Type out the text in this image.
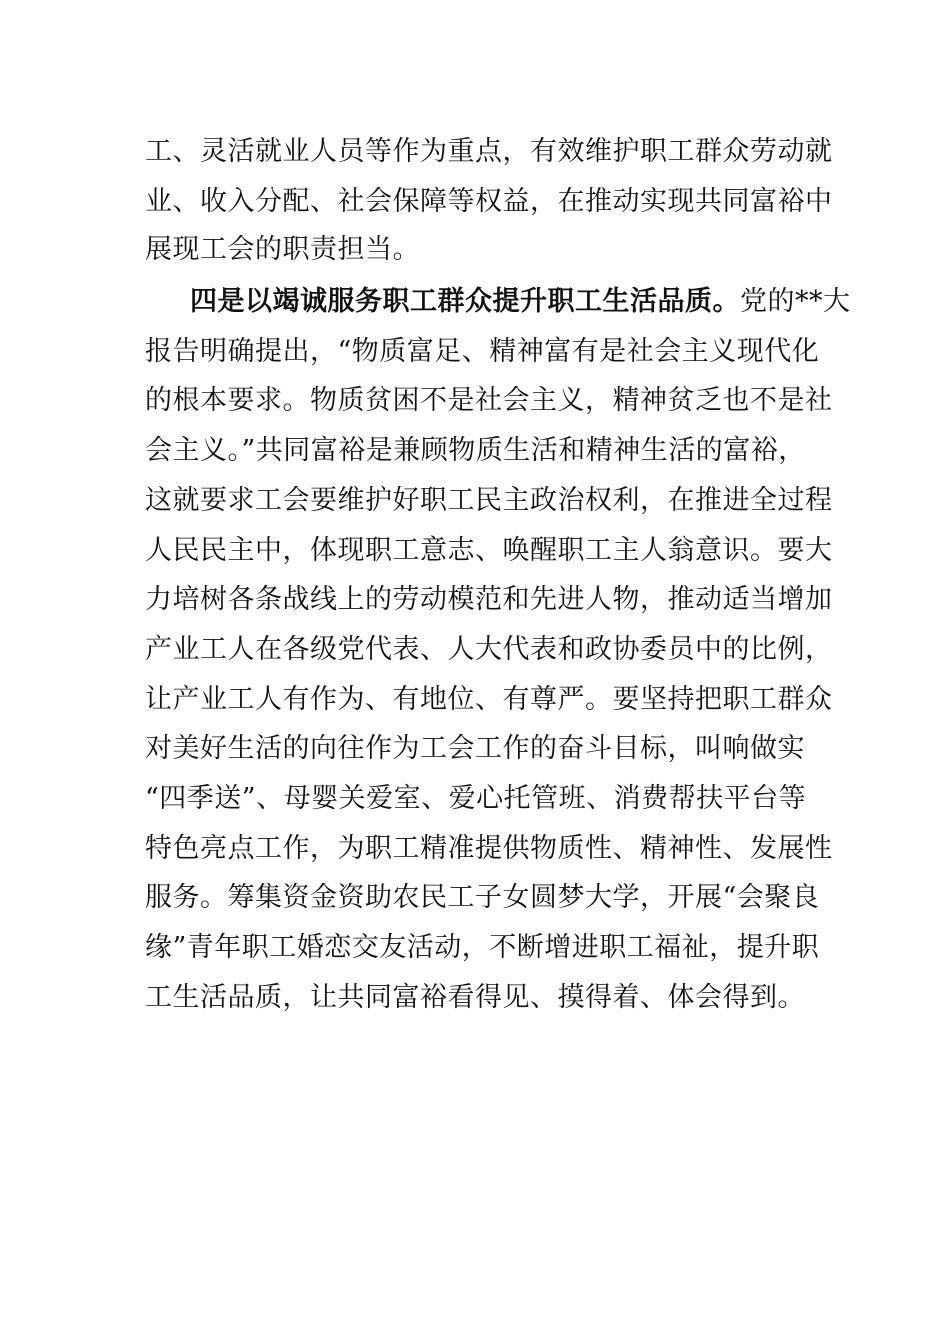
工、灵活就业人员等作为重点，有效维护职工群众劳动就
业、收入分配、社会保障等权益，在推动实现共同富裕中
展现工会的职责担当。
四是以竭诚服务职工群众提升职工生活品质。党的**大
报告明确提出，“物质富足、精神富有是社会主义现代化
的根本要求。物质贫困不是社会主义，精神贫乏也不是社
会主义。”共同富裕是兼顾物质生活和精神生活的富裕，
这就要求工会要维护好职工民主政治权利，在推进全过程
人民民主中，体现职工意志、唤醒职工主人翁意识。要大
力培树各条战线上的劳动模范和先进人物，推动适当增加
产业工人在各级党代表、人大代表和政协委员中的比例，
让产业工人有作为、有地位、有尊严。要坚持把职工群众
对美好生活的向往作为工会工作的奋斗目标，叫响做实
“四季送”、母婴关爱室、爱心托管班、消费帮扶平台等
特色亮点工作，为职工精准提供物质性、精神性、发展性
服务。筹集资金资助农民工子女圆梦大学，开展“会聚良
缘”青年职工婚恋交友活动，不断增进职工福祉，提升职
工生活品质，让共同富裕看得见、摸得着、体会得到。
